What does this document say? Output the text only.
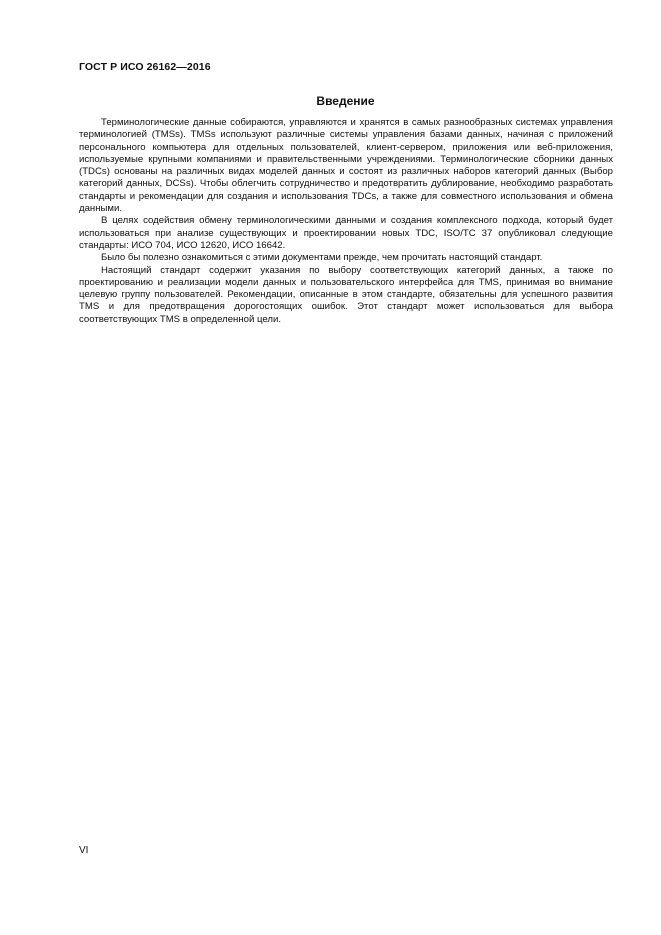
ГОСТ Р ИСО 26162—2016
Введение

Терминологические данные собираются, управляются и хранятся в самых разнообразных системах управления терминологией (TMSs). TMSs используют различные системы управления базами данных, начиная с приложений персонального компьютера для отдельных пользователей, клиент-сервером, приложения или веб-приложения, используемые крупными компаниями и правительственными учреждениями. Терминологические сборники данных (TDCs) основаны на различных видах моделей данных и состоят из различных наборов категорий данных (Выбор категорий данных, DCSs). Чтобы облегчить сотрудничество и предотвратить дублирование, необходимо разработать стандарты и рекомендации для создания и использования TDCs, а также для совместного использования и обмена данными.

В целях содействия обмену терминологическими данными и создания комплексного подхода, который будет использоваться при анализе существующих и проектировании новых TDC, ISO/TC 37 опубликовал следующие стандарты: ИСО 704, ИСО 12620, ИСО 16642.

Было бы полезно ознакомиться с этими документами прежде, чем прочитать настоящий стандарт.

Настоящий стандарт содержит указания по выбору соответствующих категорий данных, а также по проектированию и реализации модели данных и пользовательского интерфейса для TMS, принимая во внимание целевую группу пользователей. Рекомендации, описанные в этом стандарте, обязательны для успешного развития TMS и для предотвращения дорогостоящих ошибок. Этот стандарт может использоваться для выбора соответствующих TMS в определенной цели.

VI
